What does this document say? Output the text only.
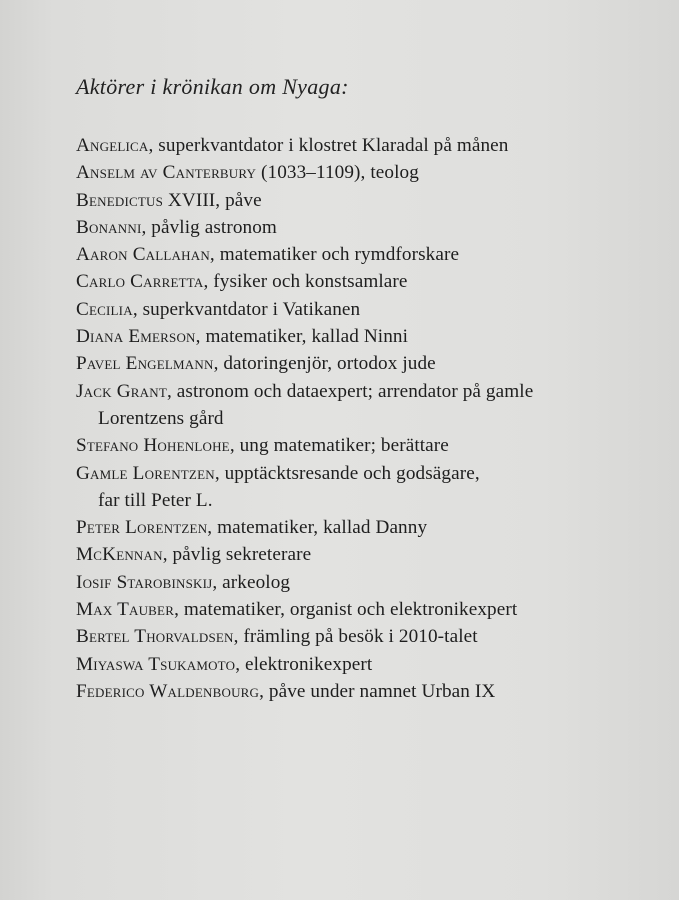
Aktörer i krönikan om Nyaga:
Angelica, superkvantdator i klostret Klaradal på månen
Anselm av Canterbury (1033–1109), teolog
Benedictus XVIII, påve
Bonanni, påvlig astronom
Aaron Callahan, matematiker och rymdforskare
Carlo Carretta, fysiker och konstsamlare
Cecilia, superkvantdator i Vatikanen
Diana Emerson, matematiker, kallad Ninni
Pavel Engelmann, datoringenjör, ortodox jude
Jack Grant, astronom och dataexpert; arrendator på gamle
Lorentzens gård
Stefano Hohenlohe, ung matematiker; berättare
Gamle Lorentzen, upptäcktsresande och godsägare,
far till Peter L.
Peter Lorentzen, matematiker, kallad Danny
McKennan, påvlig sekreterare
Iosif Starobinskij, arkeolog
Max Tauber, matematiker, organist och elektronikexpert
Bertel Thorvaldsen, främling på besök i 2010-talet
Miyaswa Tsukamoto, elektronikexpert
Federico Waldenbourg, påve under namnet Urban IX
